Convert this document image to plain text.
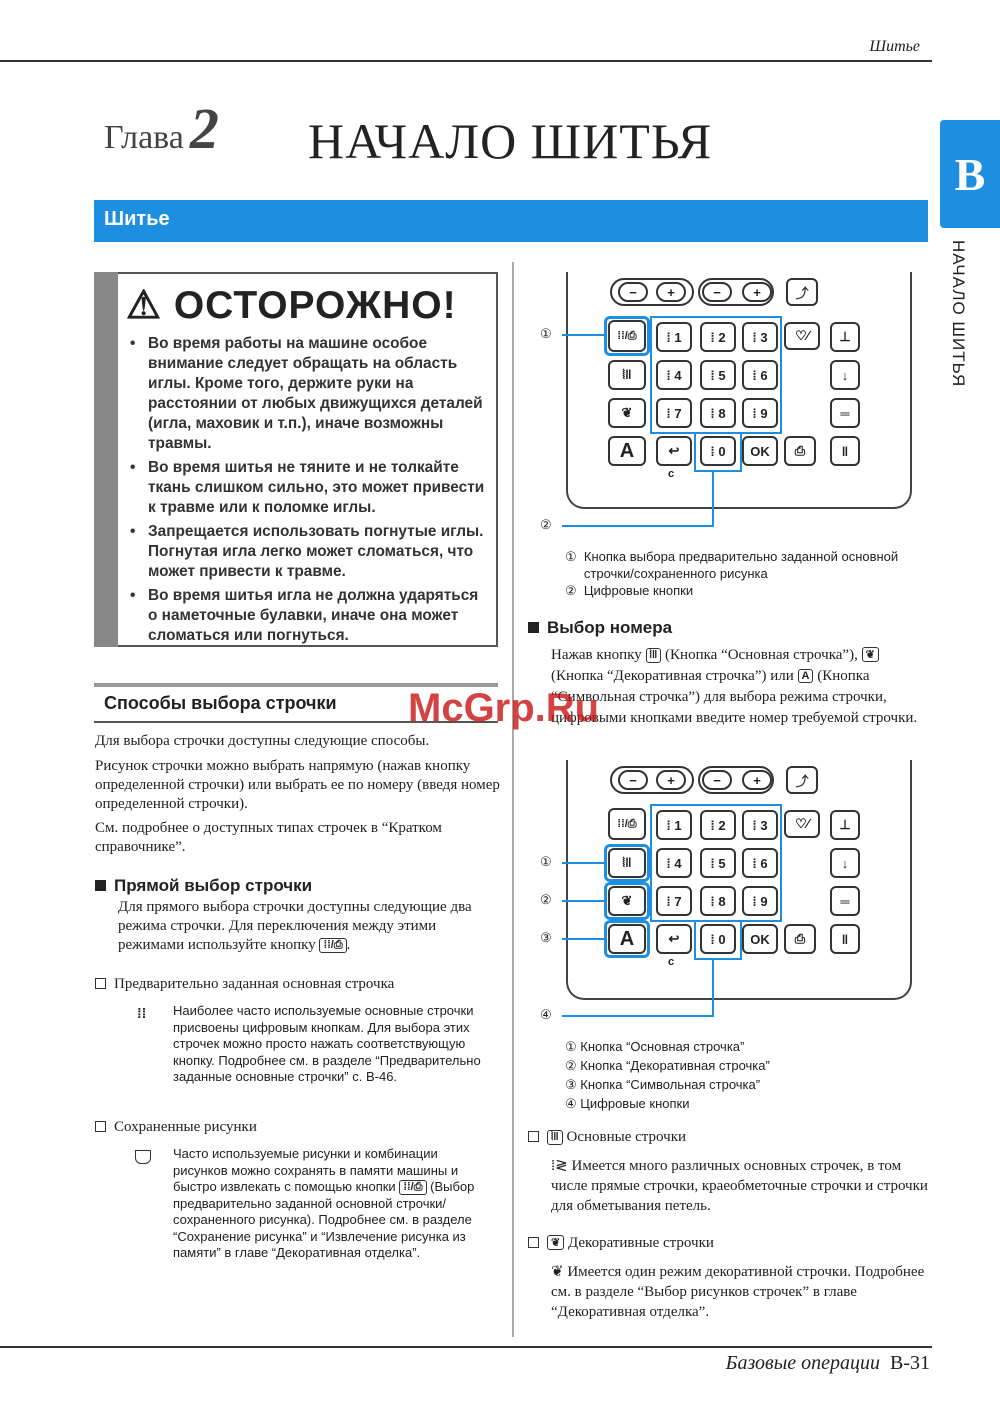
Шитье
Глава 2 НАЧАЛО ШИТЬЯ
B
НАЧАЛО ШИТЬЯ
Шитье
⚠ ОСТОРОЖНО!
• Во время работы на машине особое внимание следует обращать на область иглы. Кроме того, держите руки на расстоянии от любых движущихся деталей (игла, маховик и т.п.), иначе возможны травмы.
• Во время шитья не тяните и не толкайте ткань слишком сильно, это может привести к травме или к поломке иглы.
• Запрещается использовать погнутые иглы. Погнутая игла легко может сломаться, что может привести к травме.
• Во время шитья игла не должна ударяться о наметочные булавки, иначе она может сломаться или погнуться.
Способы выбора строчки
Для выбора строчки доступны следующие способы.
Рисунок строчки можно выбрать напрямую (нажав кнопку определенной строчки) или выбрать ее по номеру (введя номер определенной строчки).
См. подробнее о доступных типах строчек в “Кратком справочнике”.
Прямой выбор строчки
Для прямого выбора строчки доступны следующие два режима строчки. Для переключения между этими режимами используйте кнопку ⁞⁞/⎙ .
Предварительно заданная основная строчка
⁞⁞ Наиболее часто используемые основные строчки присвоены цифровым кнопкам. Для выбора этих строчек можно просто нажать соответствующую кнопку. Подробнее см. в разделе “Предварительно заданные основные строчки” с. B-46.
Сохраненные рисунки
Часто используемые рисунки и комбинации рисунков можно сохранять в памяти машины и быстро извлекать с помощью кнопки ⁞⁞/⎙ (Выбор предварительно заданной основной строчки/ сохраненного рисунка). Подробнее см. в разделе “Сохранение рисунка” и “Извлечение рисунка из памяти” в главе “Декоративная отделка”.
−	+	−	+	⤴
⁞⁞/⎙
⦚ǁ
❦
A
⁞ 1	⁞ 2	⁞ 3
⁞ 4	⁞ 5	⁞ 6
⁞ 7	⁞ 8	⁞ 9
↩
c
⁞ 0	OK	⎙	ǁ
♡⁄	⊥
↓
═
①
②
① Кнопка выбора предварительно заданной основной строчки/сохраненного рисунка
② Цифровые кнопки
Выбор номера
Нажав кнопку ⦚ǁ (Кнопка “Основная строчка”), ❦ (Кнопка “Декоративная строчка”) или A (Кнопка “Символьная строчка”) для выбора режима строчки, цифровыми кнопками введите номер требуемой строчки.
−	+	−	+	⤴
⁞⁞/⎙
⦚ǁ
❦
A
⁞ 1	⁞ 2	⁞ 3
⁞ 4	⁞ 5	⁞ 6
⁞ 7	⁞ 8	⁞ 9
↩
c
⁞ 0	OK	⎙	ǁ
♡⁄	⊥
↓
═
①
②
③
④
① Кнопка “Основная строчка”
② Кнопка “Декоративная строчка”
③ Кнопка “Символьная строчка”
④ Цифровые кнопки
⦚ǁ Основные строчки
⁞≷ Имеется много различных основных строчек, в том числе прямые строчки, краеобметочные строчки и строчки для обметывания петель.
❦ Декоративные строчки
❦ Имеется один режим декоративной строчки. Подробнее см. в разделе “Выбор рисунков строчек” в главе “Декоративная отделка”.
McGrp.Ru
Базовые операции B-31
